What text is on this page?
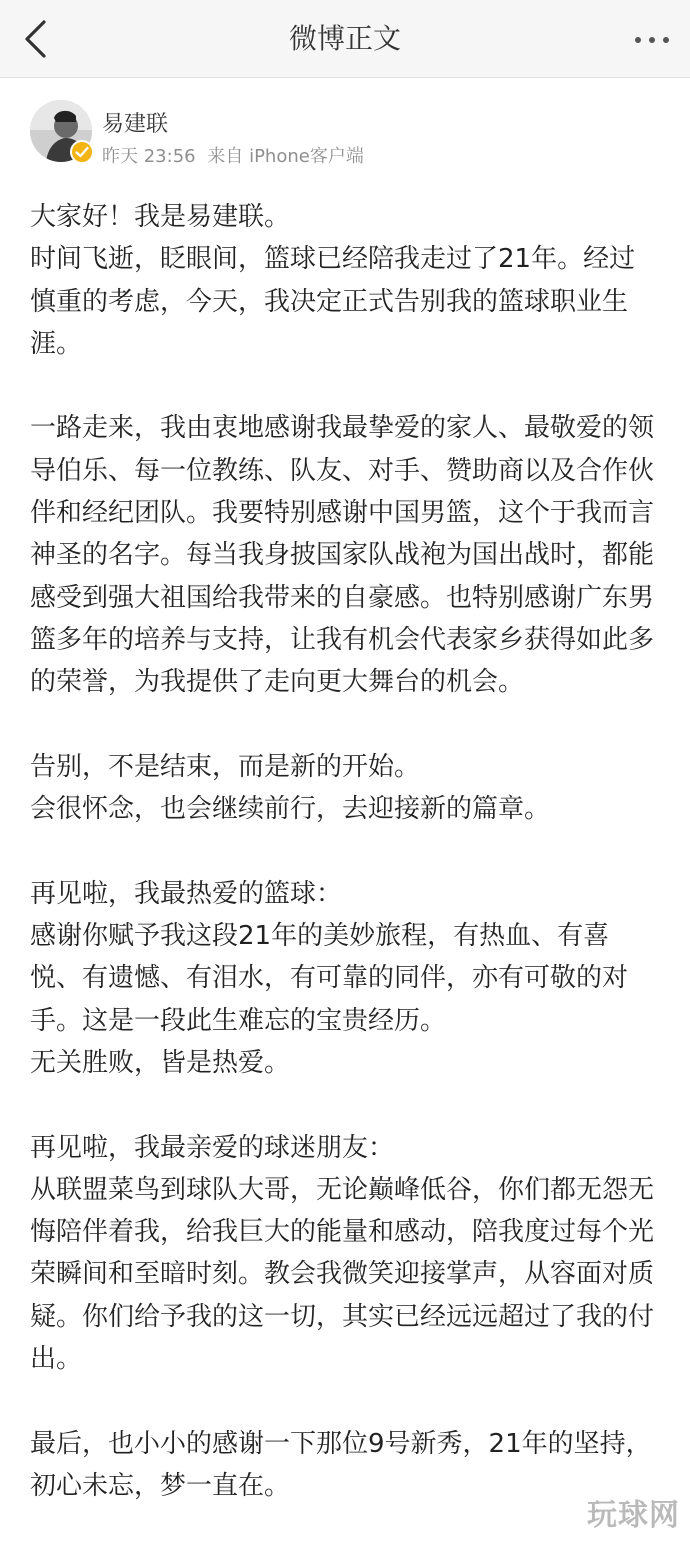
微博正文
易建联
昨天 23:56 来自 iPhone客户端

大家好！我是易建联。
时间飞逝，眨眼间，篮球已经陪我走过了21年。经过慎重的考虑，今天，我决定正式告别我的篮球职业生涯。

一路走来，我由衷地感谢我最挚爱的家人、最敬爱的领导伯乐、每一位教练、队友、对手、赞助商以及合作伙伴和经纪团队。我要特别感谢中国男篮，这个于我而言神圣的名字。每当我身披国家队战袍为国出战时，都能感受到强大祖国给我带来的自豪感。也特别感谢广东男篮多年的培养与支持，让我有机会代表家乡获得如此多的荣誉，为我提供了走向更大舞台的机会。

告别，不是结束，而是新的开始。
会很怀念，也会继续前行，去迎接新的篇章。

再见啦，我最热爱的篮球：
感谢你赋予我这段21年的美妙旅程，有热血、有喜悦、有遗憾、有泪水，有可靠的同伴，亦有可敬的对手。这是一段此生难忘的宝贵经历。
无关胜败，皆是热爱。

再见啦，我最亲爱的球迷朋友：
从联盟菜鸟到球队大哥，无论巅峰低谷，你们都无怨无悔陪伴着我，给我巨大的能量和感动，陪我度过每个光荣瞬间和至暗时刻。教会我微笑迎接掌声，从容面对质疑。你们给予我的这一切，其实已经远远超过了我的付出。

最后，也小小的感谢一下那位9号新秀，21年的坚持，初心未忘，梦一直在。

玩球网
